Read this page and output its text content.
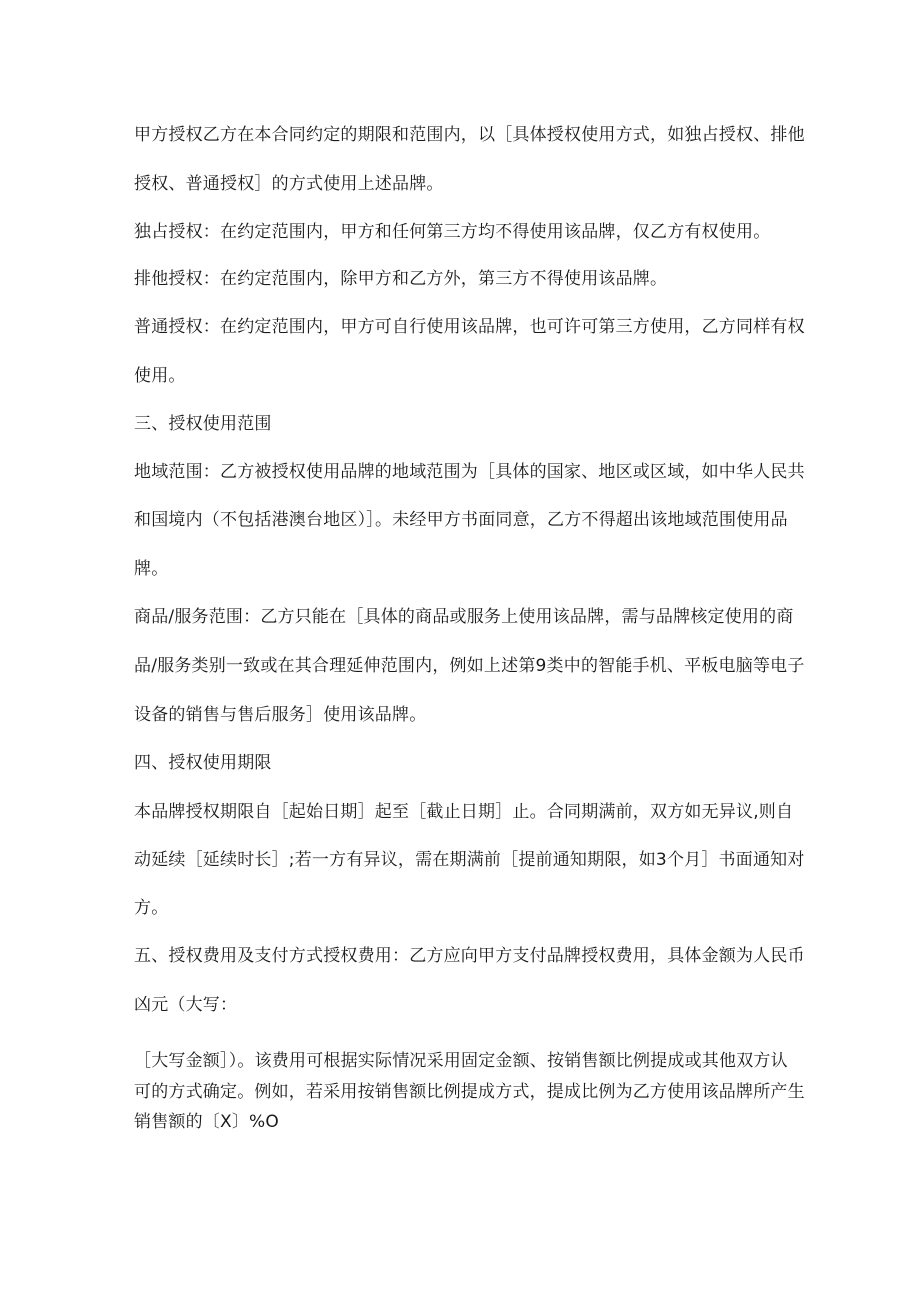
甲方授权乙方在本合同约定的期限和范围内，以［具体授权使用方式，如独占授权、排他
授权、普通授权］的方式使用上述品牌。
独占授权：在约定范围内，甲方和任何第三方均不得使用该品牌，仅乙方有权使用。
排他授权：在约定范围内，除甲方和乙方外，第三方不得使用该品牌。
普通授权：在约定范围内，甲方可自行使用该品牌，也可许可第三方使用，乙方同样有权
使用。
三、授权使用范围
地域范围：乙方被授权使用品牌的地域范围为［具体的国家、地区或区域，如中华人民共
和国境内（不包括港澳台地区）］。未经甲方书面同意，乙方不得超出该地域范围使用品
牌。
商品/服务范围：乙方只能在［具体的商品或服务上使用该品牌，需与品牌核定使用的商
品/服务类别一致或在其合理延伸范围内，例如上述第9类中的智能手机、平板电脑等电子
设备的销售与售后服务］使用该品牌。
四、授权使用期限
本品牌授权期限自［起始日期］起至［截止日期］止。合同期满前，双方如无异议,则自
动延续［延续时长］;若一方有异议，需在期满前［提前通知期限，如3个月］书面通知对
方。
五、授权费用及支付方式授权费用：乙方应向甲方支付品牌授权费用，具体金额为人民币
凶元（大写：
［大写金额］）。该费用可根据实际情况采用固定金额、按销售额比例提成或其他双方认
可的方式确定。例如，若采用按销售额比例提成方式，提成比例为乙方使用该品牌所产生
销售额的〔X〕%O
